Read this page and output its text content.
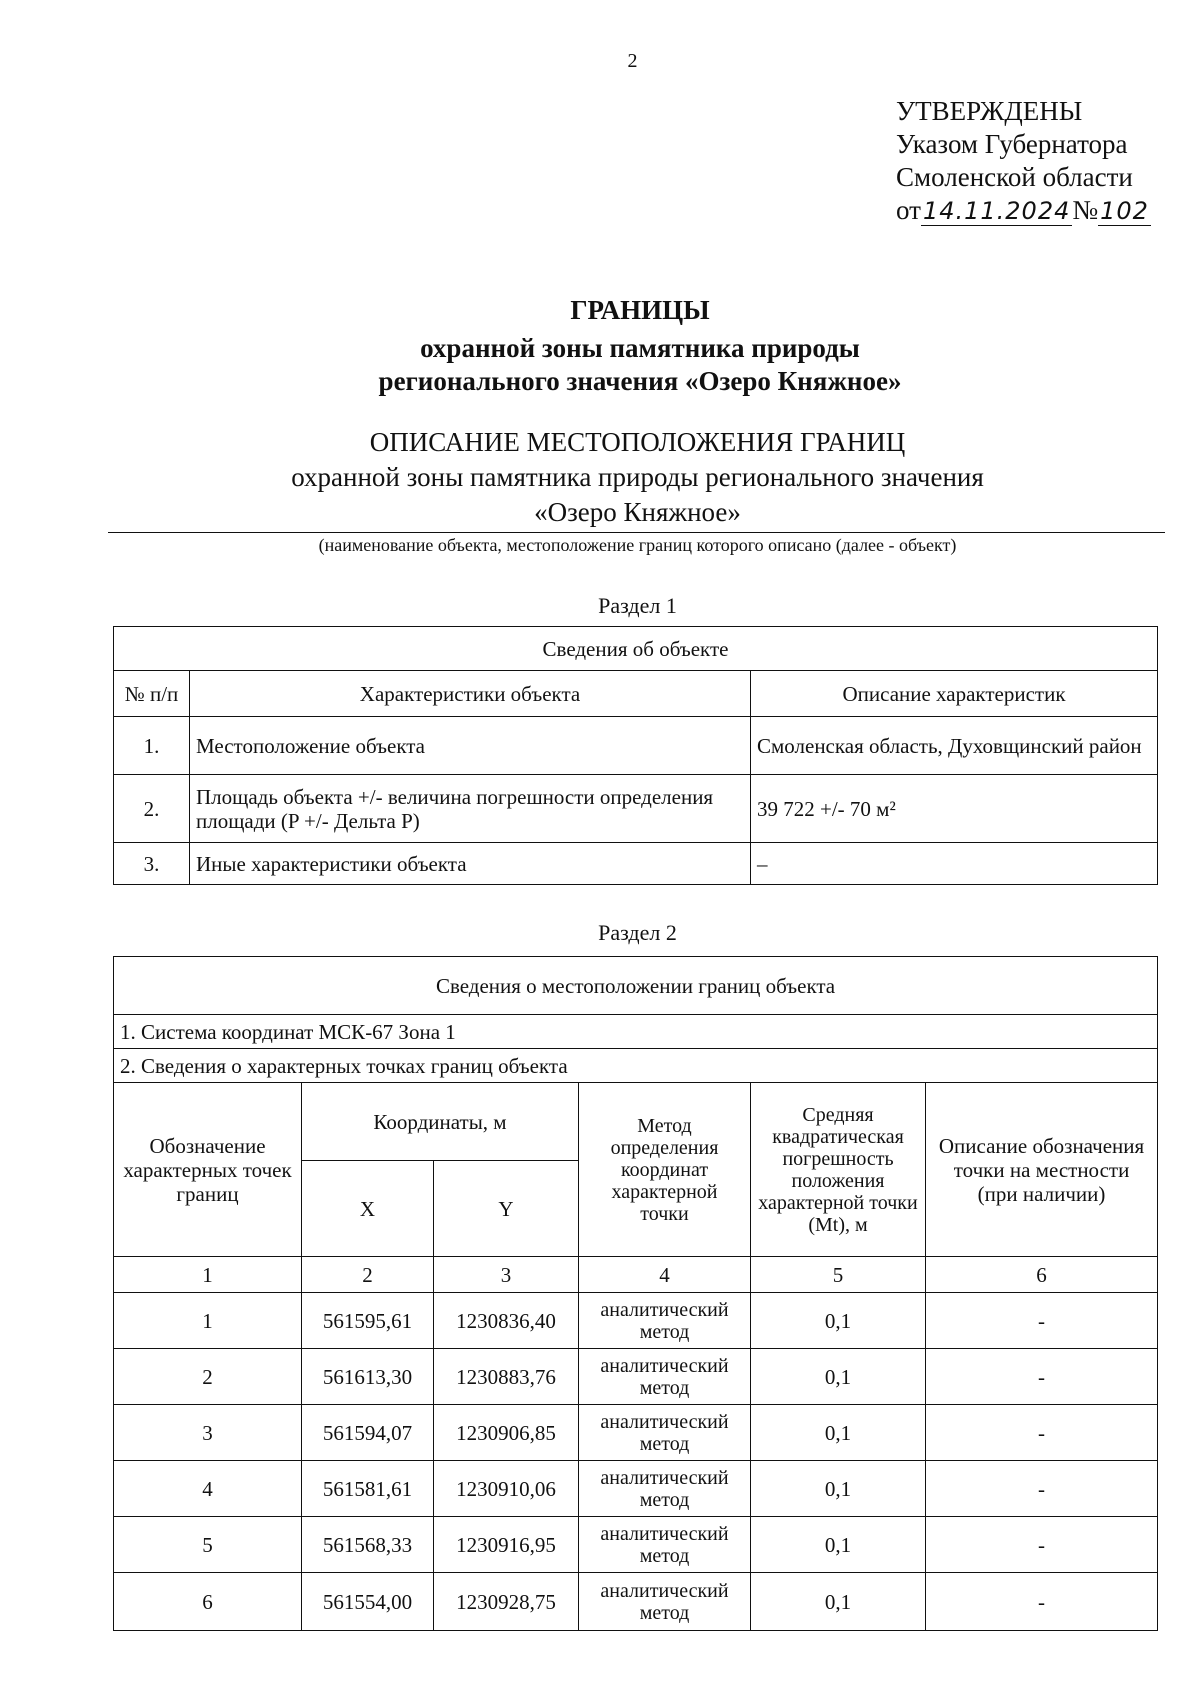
2
УТВЕРЖДЕНЫ
Указом Губернатора
Смоленской области
от14.11.2024№102
ГРАНИЦЫ
охранной зоны памятника природы
регионального значения «Озеро Княжное»
ОПИСАНИЕ МЕСТОПОЛОЖЕНИЯ ГРАНИЦ
охранной зоны памятника природы регионального значения
«Озеро Княжное»
(наименование объекта, местоположение границ которого описано (далее - объект)
Раздел 1
Сведения об объекте		
№ п/п	Характеристики объекта	Описание характеристик
1.	Местоположение объекта	Смоленская область, Духовщинский район
2.	Площадь объекта +/- величина погрешности определения площади (P +/- Дельта P)	39 722 +/- 70 м²
3.	Иные характеристики объекта	–
Раздел 2
Сведения о местоположении границ объекта					
1. Система координат МСК-67 Зона 1					
2. Сведения о характерных точках границ объекта					
Обозначение характерных точек границ	Координаты, м		Метод определения координат характерной точки	Средняя квадратическая погрешность положения характерной точки (Mt), м	Описание обозначения точки на местности (при наличии)
	X	Y			
1	2	3	4	5	6
1	561595,61	1230836,40	аналитический метод	0,1	-
2	561613,30	1230883,76	аналитический метод	0,1	-
3	561594,07	1230906,85	аналитический метод	0,1	-
4	561581,61	1230910,06	аналитический метод	0,1	-
5	561568,33	1230916,95	аналитический метод	0,1	-
6	561554,00	1230928,75	аналитический метод	0,1	-
